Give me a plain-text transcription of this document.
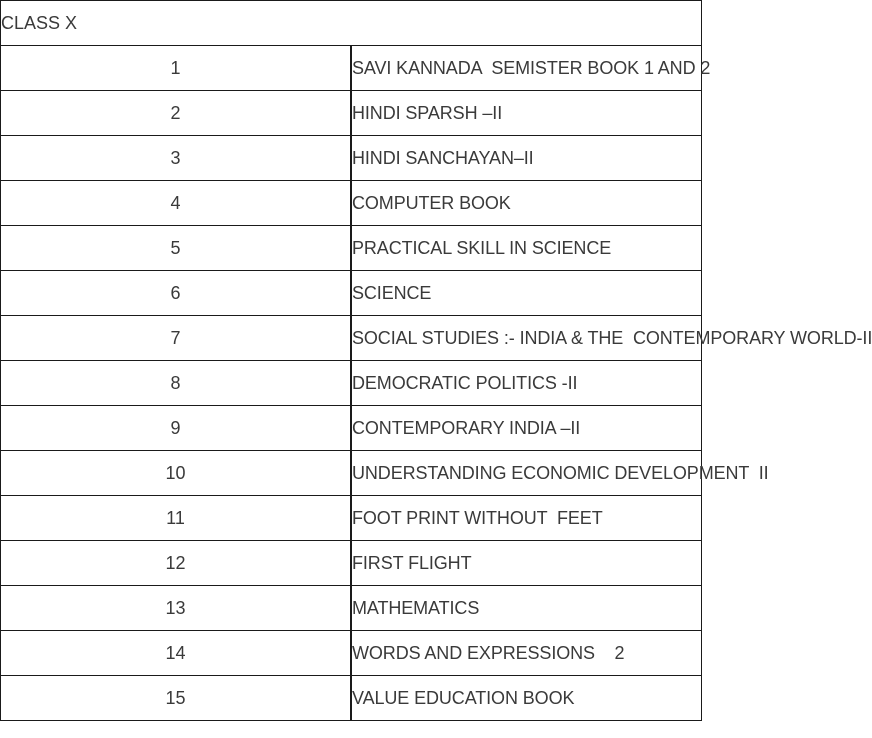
CLASS X	
1	SAVI KANNADA  SEMISTER BOOK 1 AND 2
2	HINDI SPARSH –II
3	HINDI SANCHAYAN–II
4	COMPUTER BOOK
5	PRACTICAL SKILL IN SCIENCE
6	SCIENCE
7	SOCIAL STUDIES :- INDIA & THE  CONTEMPORARY WORLD-II
8	DEMOCRATIC POLITICS -II
9	CONTEMPORARY INDIA –II
10	UNDERSTANDING ECONOMIC DEVELOPMENT  II
11	FOOT PRINT WITHOUT  FEET
12	FIRST FLIGHT
13	MATHEMATICS
14	WORDS AND EXPRESSIONS    2
15	VALUE EDUCATION BOOK
